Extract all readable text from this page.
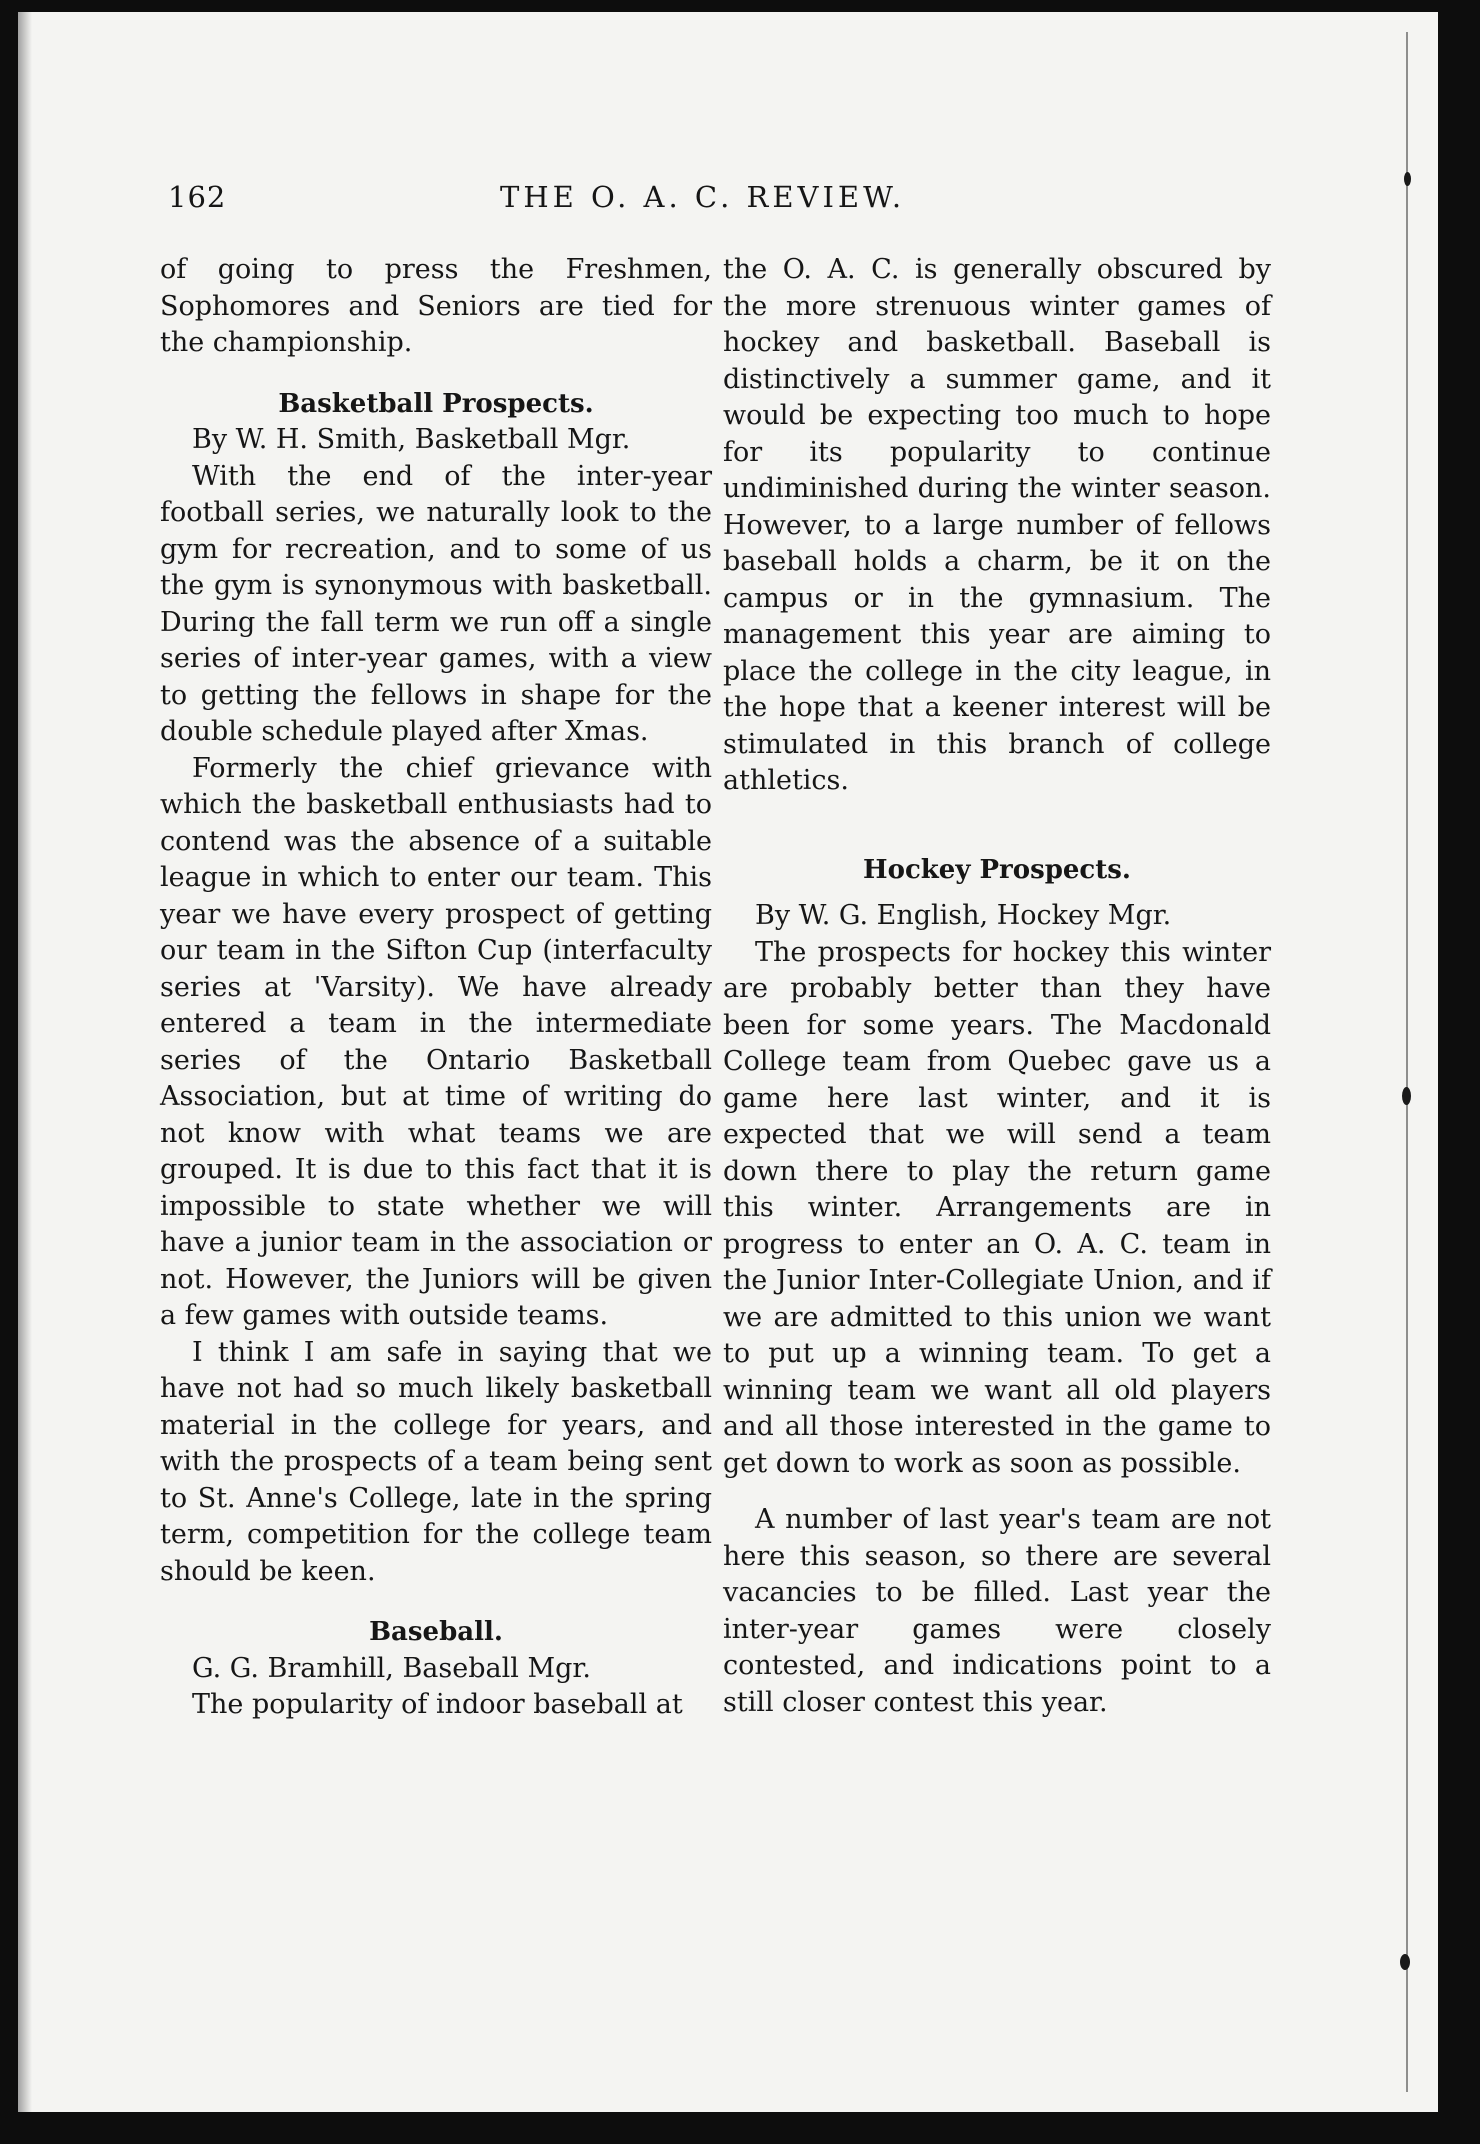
162	THE O. A. C. REVIEW.

of going to press the Freshmen, Sophomores and Seniors are tied for the championship.

Basketball Prospects.

By W. H. Smith, Basketball Mgr.

With the end of the inter-year football series, we naturally look to the gym for recreation, and to some of us the gym is synonymous with basketball. During the fall term we run off a single series of inter-year games, with a view to getting the fellows in shape for the double schedule played after Xmas.

Formerly the chief grievance with which the basketball enthusiasts had to contend was the absence of a suitable league in which to enter our team. This year we have every prospect of getting our team in the Sifton Cup (interfaculty series at 'Varsity). We have already entered a team in the intermediate series of the Ontario Basketball Association, but at time of writing do not know with what teams we are grouped. It is due to this fact that it is impossible to state whether we will have a junior team in the association or not. However, the Juniors will be given a few games with outside teams.

I think I am safe in saying that we have not had so much likely basketball material in the college for years, and with the prospects of a team being sent to St. Anne's College, late in the spring term, competition for the college team should be keen.

Baseball.

G. G. Bramhill, Baseball Mgr.

The popularity of indoor baseball at

the O. A. C. is generally obscured by the more strenuous winter games of hockey and basketball. Baseball is distinctively a summer game, and it would be expecting too much to hope for its popularity to continue undiminished during the winter season. However, to a large number of fellows baseball holds a charm, be it on the campus or in the gymnasium. The management this year are aiming to place the college in the city league, in the hope that a keener interest will be stimulated in this branch of college athletics.

Hockey Prospects.

By W. G. English, Hockey Mgr.

The prospects for hockey this winter are probably better than they have been for some years. The Macdonald College team from Quebec gave us a game here last winter, and it is expected that we will send a team down there to play the return game this winter. Arrangements are in progress to enter an O. A. C. team in the Junior Inter-Collegiate Union, and if we are admitted to this union we want to put up a winning team. To get a winning team we want all old players and all those interested in the game to get down to work as soon as possible.

A number of last year's team are not here this season, so there are several vacancies to be filled. Last year the inter-year games were closely contested, and indications point to a still closer contest this year.
